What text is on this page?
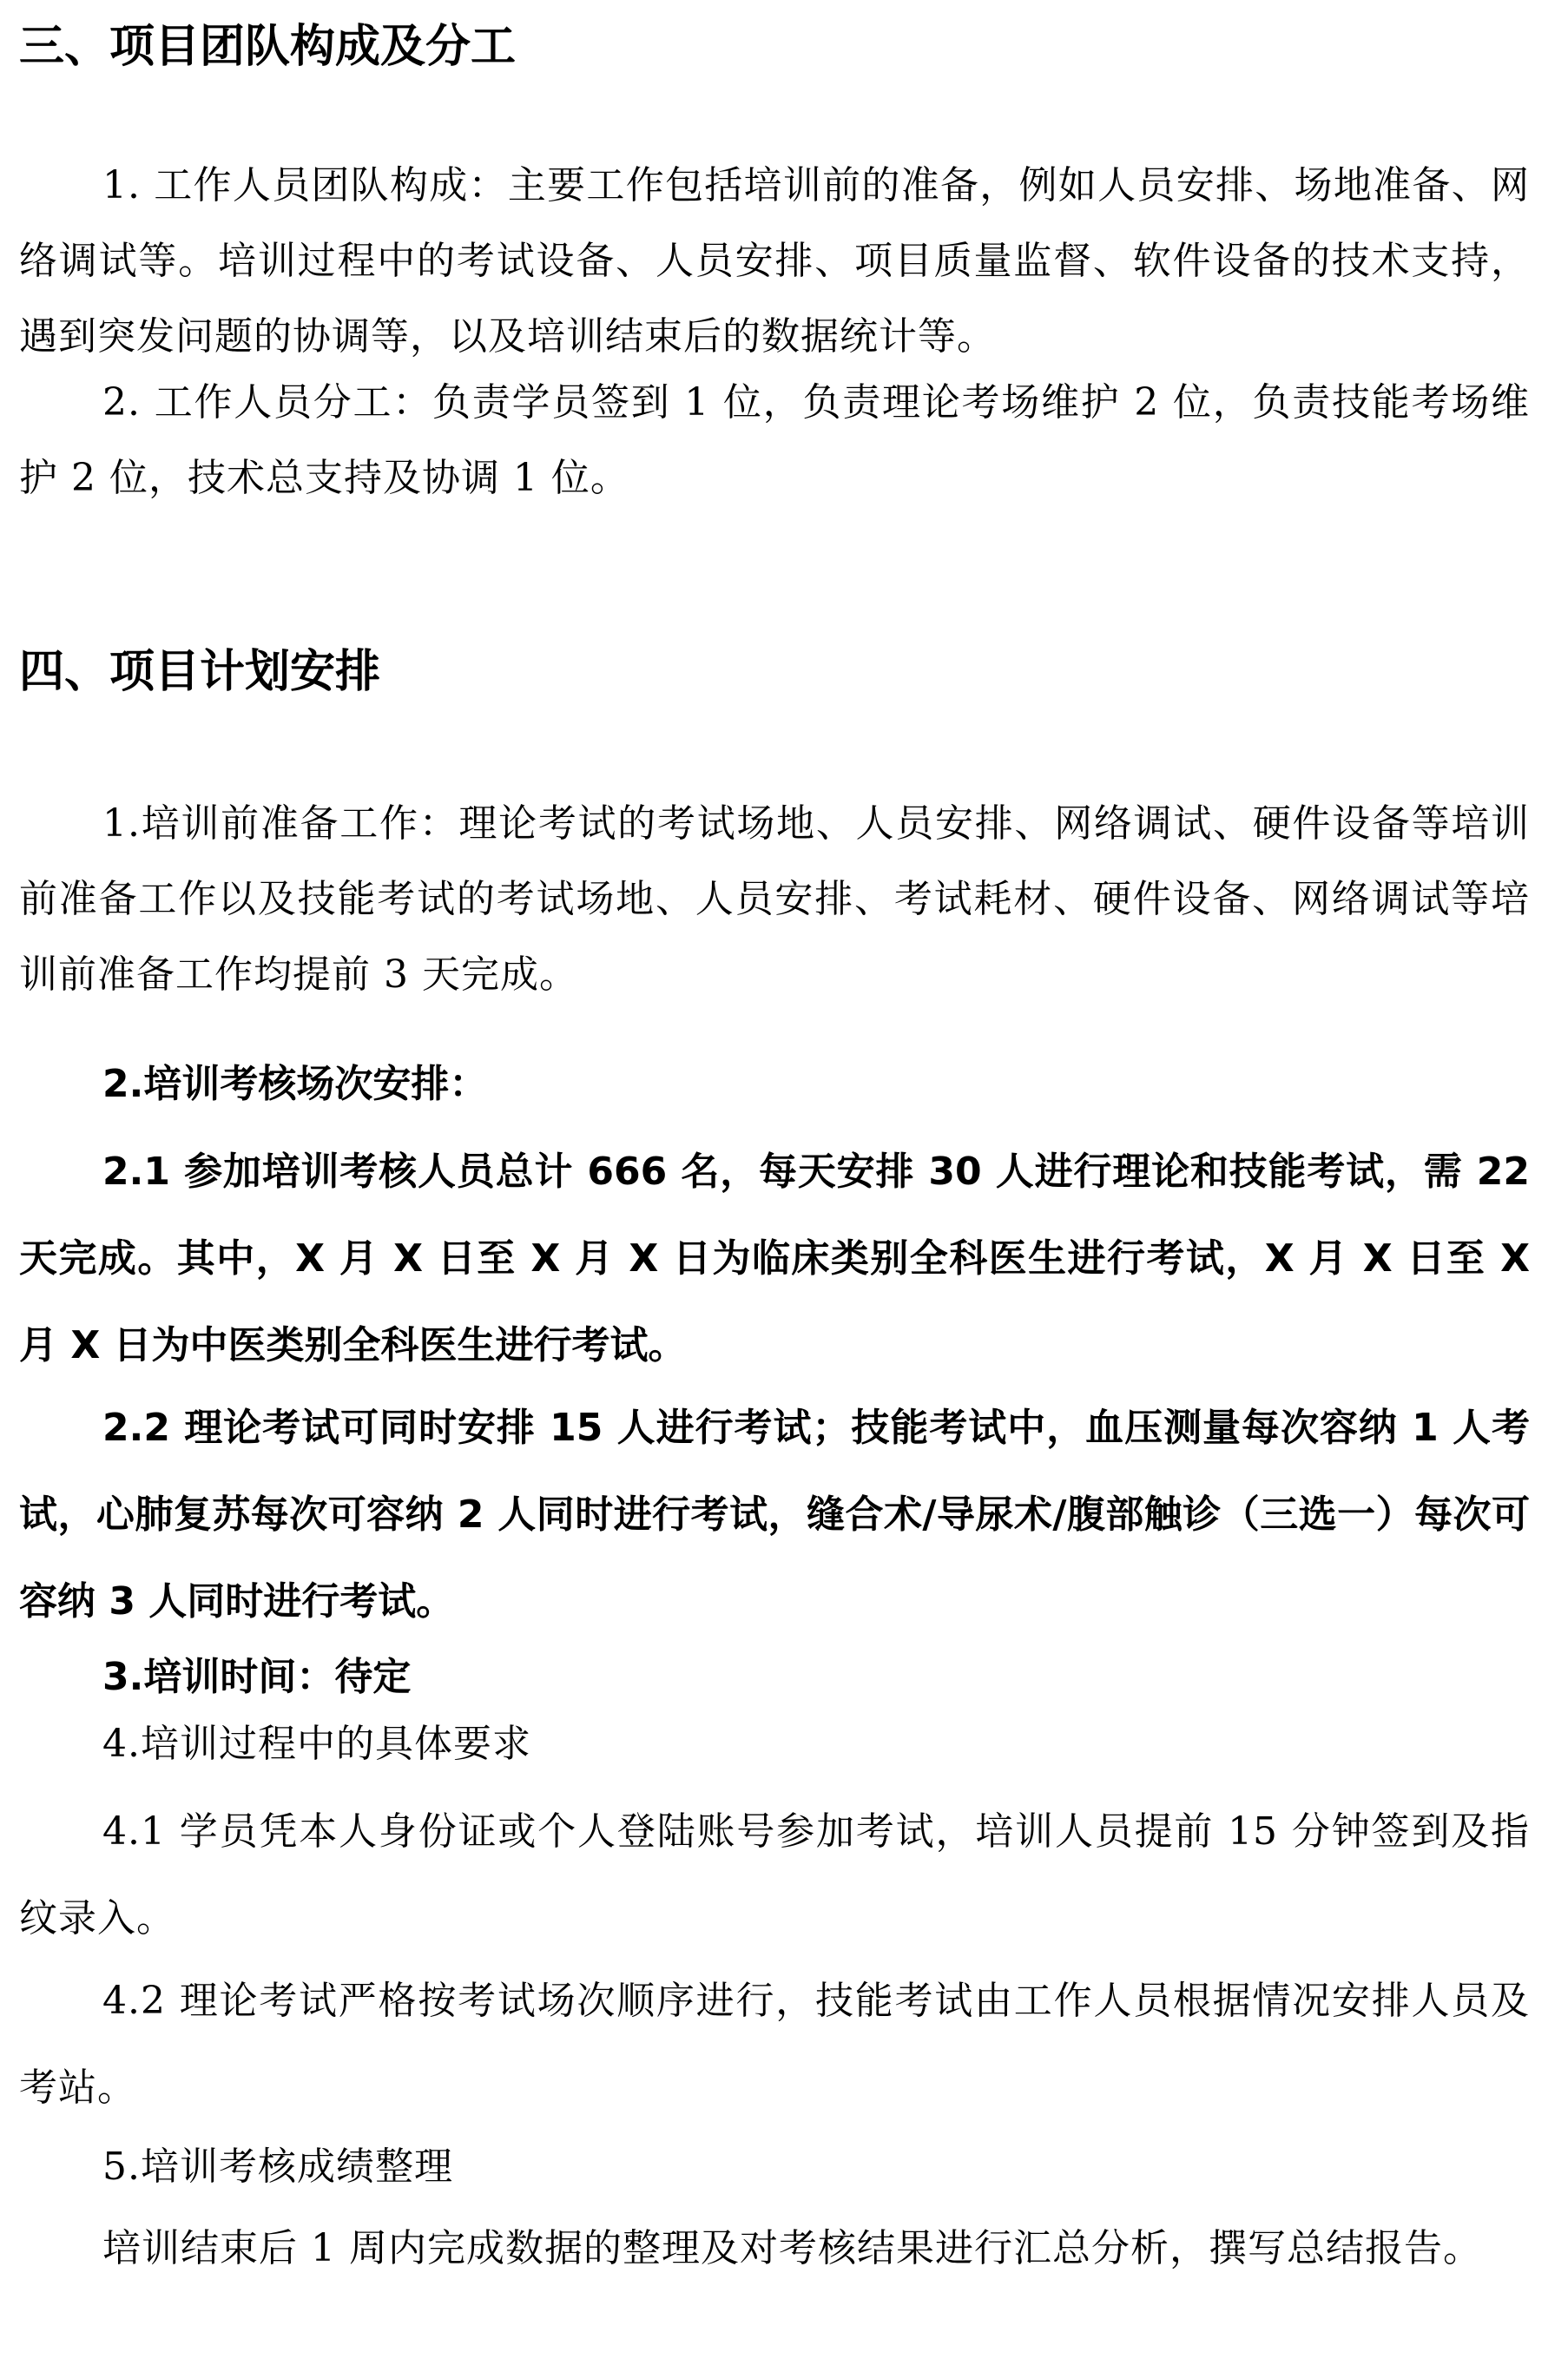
三、项目团队构成及分工

1. 工作人员团队构成：主要工作包括培训前的准备，例如人员安排、场地准备、网络调试等。培训过程中的考试设备、人员安排、项目质量监督、软件设备的技术支持，遇到突发问题的协调等，以及培训结束后的数据统计等。

2. 工作人员分工：负责学员签到 1 位，负责理论考场维护 2 位，负责技能考场维护 2 位，技术总支持及协调 1 位。

四、项目计划安排

1.培训前准备工作：理论考试的考试场地、人员安排、网络调试、硬件设备等培训前准备工作以及技能考试的考试场地、人员安排、考试耗材、硬件设备、网络调试等培训前准备工作均提前 3 天完成。

2.培训考核场次安排：

2.1 参加培训考核人员总计 666 名，每天安排 30 人进行理论和技能考试，需 22 天完成。其中，X 月 X 日至 X 月 X 日为临床类别全科医生进行考试，X 月 X 日至 X 月 X 日为中医类别全科医生进行考试。

2.2 理论考试可同时安排 15 人进行考试；技能考试中，血压测量每次容纳 1 人考试，心肺复苏每次可容纳 2 人同时进行考试，缝合术/导尿术/腹部触诊（三选一）每次可容纳 3 人同时进行考试。

3.培训时间：待定

4.培训过程中的具体要求

4.1 学员凭本人身份证或个人登陆账号参加考试，培训人员提前 15 分钟签到及指纹录入。

4.2 理论考试严格按考试场次顺序进行，技能考试由工作人员根据情况安排人员及考站。

5.培训考核成绩整理

培训结束后 1 周内完成数据的整理及对考核结果进行汇总分析，撰写总结报告。
